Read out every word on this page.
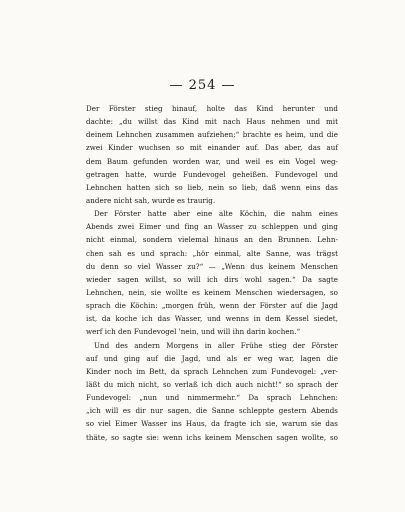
— 254 —
Der Förster stieg hinauf, holte das Kind herunter und
dachte: „du willst das Kind mit nach Haus nehmen und mit
deinem Lehnchen zusammen aufziehen;“ brachte es heim, und die
zwei Kinder wuchsen so mit einander auf. Das aber, das auf
dem Baum gefunden worden war, und weil es ein Vogel weg-
getragen hatte, wurde Fundevogel geheißen. Fundevogel und
Lehnchen hatten sich so lieb, nein so lieb, daß wenn eins das
andere nicht sah, wurde es traurig.
Der Förster hatte aber eine alte Köchin, die nahm eines
Abends zwei Eimer und fing an Wasser zu schleppen und ging
nicht einmal, sondern vielemal hinaus an den Brunnen. Lehn-
chen sah es und sprach: „hör einmal, alte Sanne, was trägst
du denn so viel Wasser zu?“ — „Wenn dus keinem Menschen
wieder sagen willst, so will ich dirs wohl sagen.“ Da sagte
Lehnchen, nein, sie wollte es keinem Menschen wiedersagen, so
sprach die Köchin: „morgen früh, wenn der Förster auf die Jagd
ist, da koche ich das Wasser, und wenns in dem Kessel siedet,
werf ich den Fundevogel 'nein, und will ihn darin kochen.“
Und des andern Morgens in aller Frühe stieg der Förster
auf und ging auf die Jagd, und als er weg war, lagen die
Kinder noch im Bett, da sprach Lehnchen zum Fundevogel: „ver-
läßt du mich nicht, so verlaß ich dich auch nicht!“ so sprach der
Fundevogel: „nun und nimmermehr.“ Da sprach Lehnchen:
„ich will es dir nur sagen, die Sanne schleppte gestern Abends
so viel Eimer Wasser ins Haus, da fragte ich sie, warum sie das
thäte, so sagte sie: wenn ichs keinem Menschen sagen wollte, so
